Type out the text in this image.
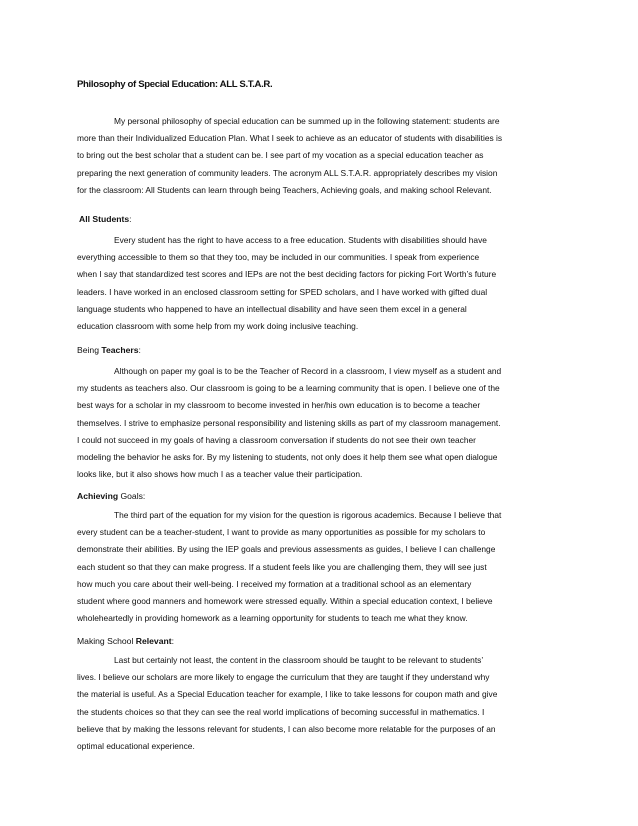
Philosophy of Special Education: ALL S.T.A.R.

My personal philosophy of special education can be summed up in the following statement: students are
more than their Individualized Education Plan. What I seek to achieve as an educator of students with disabilities is
to bring out the best scholar that a student can be. I see part of my vocation as a special education teacher as
preparing the next generation of community leaders. The acronym ALL S.T.A.R. appropriately describes my vision
for the classroom: All Students can learn through being Teachers, Achieving goals, and making school Relevant.

All Students:

Every student has the right to have access to a free education. Students with disabilities should have
everything accessible to them so that they too, may be included in our communities. I speak from experience
when I say that standardized test scores and IEPs are not the best deciding factors for picking Fort Worth’s future
leaders. I have worked in an enclosed classroom setting for SPED scholars, and I have worked with gifted dual
language students who happened to have an intellectual disability and have seen them excel in a general
education classroom with some help from my work doing inclusive teaching.

Being Teachers:

Although on paper my goal is to be the Teacher of Record in a classroom, I view myself as a student and
my students as teachers also. Our classroom is going to be a learning community that is open. I believe one of the
best ways for a scholar in my classroom to become invested in her/his own education is to become a teacher
themselves. I strive to emphasize personal responsibility and listening skills as part of my classroom management.
I could not succeed in my goals of having a classroom conversation if students do not see their own teacher
modeling the behavior he asks for. By my listening to students, not only does it help them see what open dialogue
looks like, but it also shows how much I as a teacher value their participation.

Achieving Goals:

The third part of the equation for my vision for the question is rigorous academics. Because I believe that
every student can be a teacher-student, I want to provide as many opportunities as possible for my scholars to
demonstrate their abilities. By using the IEP goals and previous assessments as guides, I believe I can challenge
each student so that they can make progress. If a student feels like you are challenging them, they will see just
how much you care about their well-being. I received my formation at a traditional school as an elementary
student where good manners and homework were stressed equally. Within a special education context, I believe
wholeheartedly in providing homework as a learning opportunity for students to teach me what they know.

Making School Relevant:

Last but certainly not least, the content in the classroom should be taught to be relevant to students’
lives. I believe our scholars are more likely to engage the curriculum that they are taught if they understand why
the material is useful. As a Special Education teacher for example, I like to take lessons for coupon math and give
the students choices so that they can see the real world implications of becoming successful in mathematics. I
believe that by making the lessons relevant for students, I can also become more relatable for the purposes of an
optimal educational experience.
